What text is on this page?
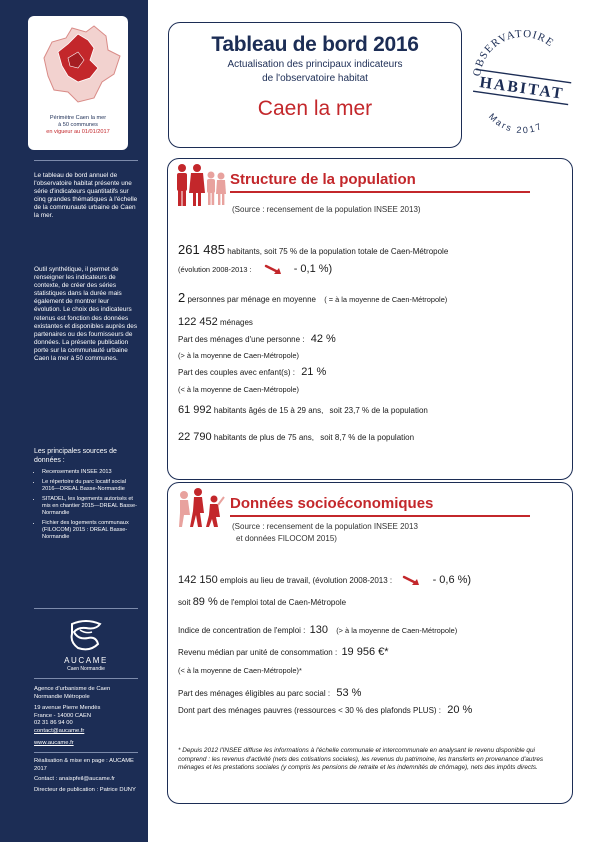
Périmètre Caen la mer
à 50 communes
en vigueur au 01/01/2017
Le tableau de bord annuel de l'observatoire habitat présente une série d'indicateurs quantitatifs sur cinq grandes thématiques à l'échelle de la communauté urbaine de Caen la mer.
Outil synthétique, il permet de renseigner les indicateurs de contexte, de créer des séries statistiques dans la durée mais également de montrer leur évolution. Le choix des indicateurs retenus est fonction des données existantes et disponibles auprès des partenaires ou des fournisseurs de données. La présente publication porte sur la communauté urbaine Caen la mer à 50 communes.
Les principales sources de données :
• Recensements INSEE 2013
• Le répertoire du parc locatif social 2016—DREAL Basse-Normandie
• SITADEL, les logements autorisés et mis en chantier 2015—DREAL Basse-Normandie
• Fichier des logements communaux (FILOCOM) 2015 : DREAL Basse-Normandie
AUCAME
Caen Normandie
Agence d'urbanisme de Caen Normandie Métropole
19 avenue Pierre Mendès
France - 14000 CAEN
02 31 86 94 00
contact@aucame.fr
www.aucame.fr
Réalisation & mise en page : AUCAME 2017
Contact : anaispfeil@aucame.fr
Directeur de publication : Patrice DUNY
Tableau de bord 2016
Actualisation des principaux indicateurs
de l'observatoire habitat
Caen la mer
OBSERVATOIRE
HABITAT
Mars 2017
Structure de la population
(Source : recensement de la population INSEE 2013)
261 485 habitants, soit 75 % de la population totale de Caen-Métropole
(évolution 2008-2013 :	- 0,1 %)
2 personnes par ménage en moyenne ( = à la moyenne de Caen-Métropole)
122 452 ménages
Part des ménages d'une personne : 42 %
(> à la moyenne de Caen-Métropole)
Part des couples avec enfant(s) : 21 %
(< à la moyenne de Caen-Métropole)
61 992 habitants âgés de 15 à 29 ans, soit 23,7 % de la population
22 790 habitants de plus de 75 ans, soit 8,7 % de la population
Données socioéconomiques
(Source : recensement de la population INSEE 2013
et données FILOCOM 2015)
142 150 emplois au lieu de travail, (évolution 2008-2013 :	- 0,6 %)
soit 89 % de l'emploi total de Caen-Métropole
Indice de concentration de l'emploi : 130 (> à la moyenne de Caen-Métropole)
Revenu médian par unité de consommation : 19 956 €*
(< à la moyenne de Caen-Métropole)*
Part des ménages éligibles au parc social : 53 %
Dont part des ménages pauvres (ressources < 30 % des plafonds PLUS) : 20 %
* Depuis 2012 l'INSEE diffuse les informations à l'échelle communale et intercommunale en analysant le revenu disponible qui comprend : les revenus d'activité (nets des cotisations sociales), les revenus du patrimoine, les transferts en provenance d'autres ménages et les prestations sociales (y compris les pensions de retraite et les indemnités de chômage), nets des impôts directs.
